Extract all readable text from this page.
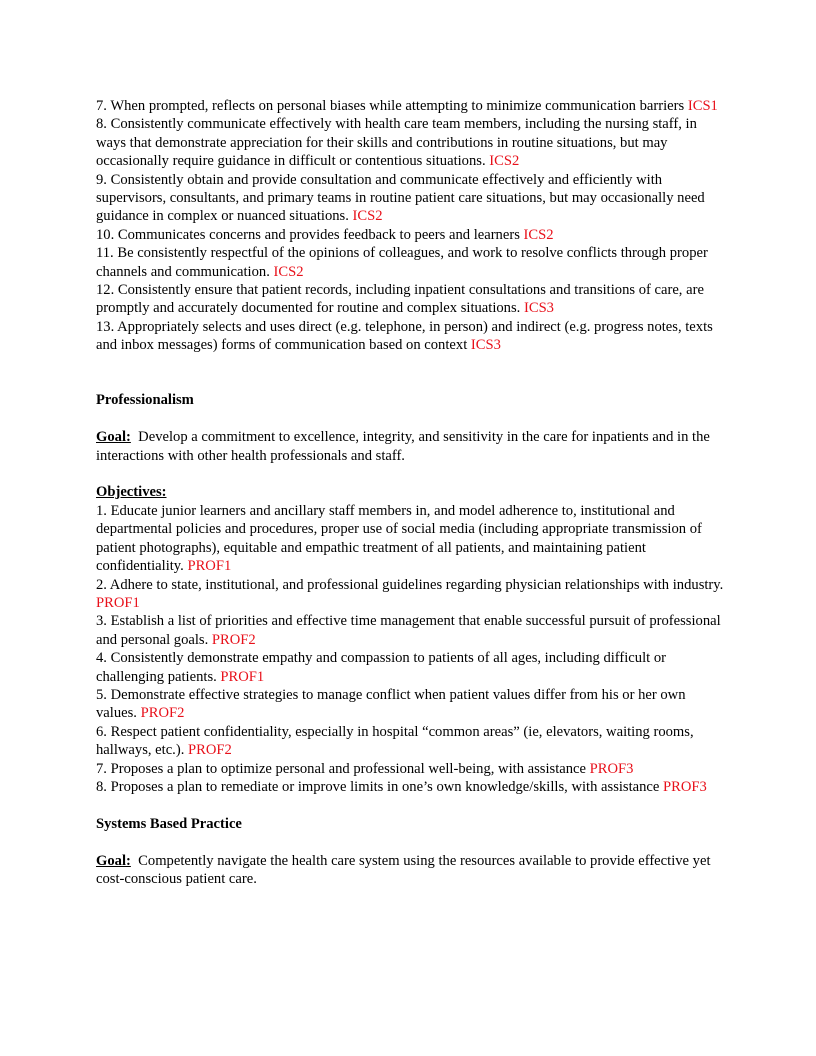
7. When prompted, reflects on personal biases while attempting to minimize communication barriers ICS1

8. Consistently communicate effectively with health care team members, including the nursing staff, in ways that demonstrate appreciation for their skills and contributions in routine situations, but may occasionally require guidance in difficult or contentious situations. ICS2

9. Consistently obtain and provide consultation and communicate effectively and efficiently with supervisors, consultants, and primary teams in routine patient care situations, but may occasionally need guidance in complex or nuanced situations. ICS2

10. Communicates concerns and provides feedback to peers and learners ICS2

11. Be consistently respectful of the opinions of colleagues, and work to resolve conflicts through proper channels and communication. ICS2

12. Consistently ensure that patient records, including inpatient consultations and transitions of care, are promptly and accurately documented for routine and complex situations. ICS3

13. Appropriately selects and uses direct (e.g. telephone, in person) and indirect (e.g. progress notes, texts and inbox messages) forms of communication based on context ICS3

Professionalism

Goal:  Develop a commitment to excellence, integrity, and sensitivity in the care for inpatients and in the interactions with other health professionals and staff.

Objectives:

1. Educate junior learners and ancillary staff members in, and model adherence to, institutional and departmental policies and procedures, proper use of social media (including appropriate transmission of patient photographs), equitable and empathic treatment of all patients, and maintaining patient confidentiality. PROF1

2. Adhere to state, institutional, and professional guidelines regarding physician relationships with industry. PROF1

3. Establish a list of priorities and effective time management that enable successful pursuit of professional and personal goals. PROF2

4. Consistently demonstrate empathy and compassion to patients of all ages, including difficult or challenging patients. PROF1

5. Demonstrate effective strategies to manage conflict when patient values differ from his or her own values. PROF2

6. Respect patient confidentiality, especially in hospital “common areas” (ie, elevators, waiting rooms, hallways, etc.). PROF2

7. Proposes a plan to optimize personal and professional well-being, with assistance PROF3

8. Proposes a plan to remediate or improve limits in one’s own knowledge/skills, with assistance PROF3

Systems Based Practice

Goal:  Competently navigate the health care system using the resources available to provide effective yet cost-conscious patient care.
